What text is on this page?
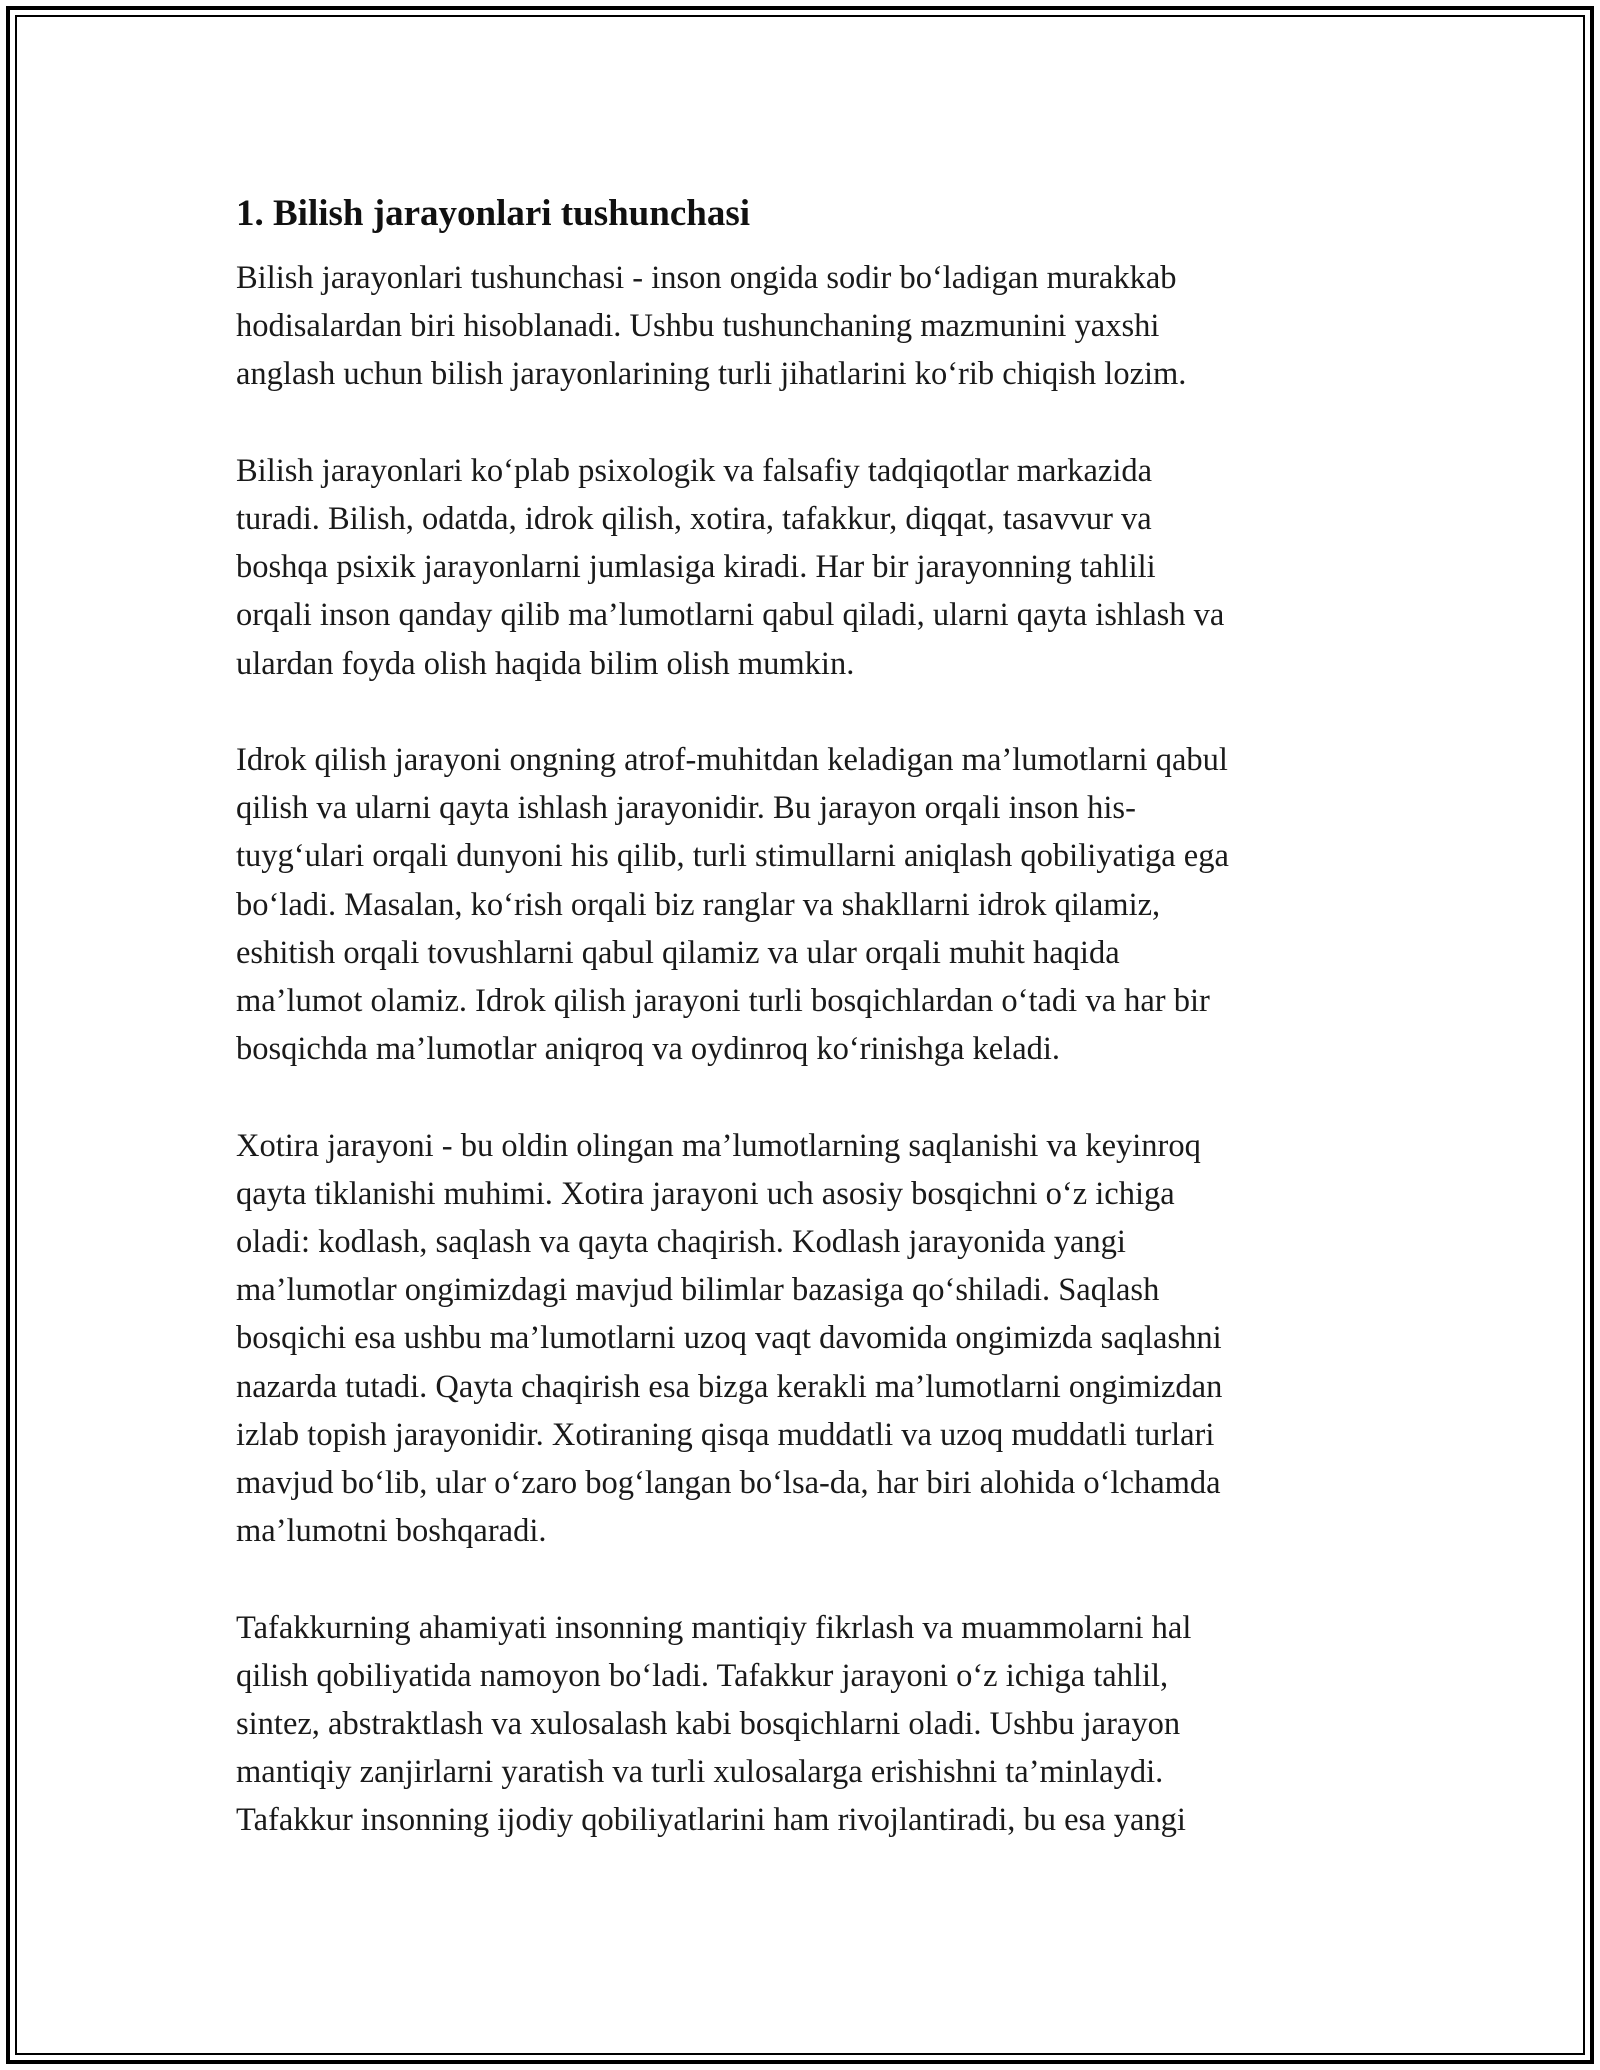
1. Bilish jarayonlari tushunchasi

Bilish jarayonlari tushunchasi - inson ongida sodir bo‘ladigan murakkab
hodisalardan biri hisoblanadi. Ushbu tushunchaning mazmunini yaxshi
anglash uchun bilish jarayonlarining turli jihatlarini ko‘rib chiqish lozim.

Bilish jarayonlari ko‘plab psixologik va falsafiy tadqiqotlar markazida
turadi. Bilish, odatda, idrok qilish, xotira, tafakkur, diqqat, tasavvur va
boshqa psixik jarayonlarni jumlasiga kiradi. Har bir jarayonning tahlili
orqali inson qanday qilib ma’lumotlarni qabul qiladi, ularni qayta ishlash va
ulardan foyda olish haqida bilim olish mumkin.

Idrok qilish jarayoni ongning atrof-muhitdan keladigan ma’lumotlarni qabul
qilish va ularni qayta ishlash jarayonidir. Bu jarayon orqali inson his-
tuyg‘ulari orqali dunyoni his qilib, turli stimullarni aniqlash qobiliyatiga ega
bo‘ladi. Masalan, ko‘rish orqali biz ranglar va shakllarni idrok qilamiz,
eshitish orqali tovushlarni qabul qilamiz va ular orqali muhit haqida
ma’lumot olamiz. Idrok qilish jarayoni turli bosqichlardan o‘tadi va har bir
bosqichda ma’lumotlar aniqroq va oydinroq ko‘rinishga keladi.

Xotira jarayoni - bu oldin olingan ma’lumotlarning saqlanishi va keyinroq
qayta tiklanishi muhimi. Xotira jarayoni uch asosiy bosqichni o‘z ichiga
oladi: kodlash, saqlash va qayta chaqirish. Kodlash jarayonida yangi
ma’lumotlar ongimizdagi mavjud bilimlar bazasiga qo‘shiladi. Saqlash
bosqichi esa ushbu ma’lumotlarni uzoq vaqt davomida ongimizda saqlashni
nazarda tutadi. Qayta chaqirish esa bizga kerakli ma’lumotlarni ongimizdan
izlab topish jarayonidir. Xotiraning qisqa muddatli va uzoq muddatli turlari
mavjud bo‘lib, ular o‘zaro bog‘langan bo‘lsa-da, har biri alohida o‘lchamda
ma’lumotni boshqaradi.

Tafakkurning ahamiyati insonning mantiqiy fikrlash va muammolarni hal
qilish qobiliyatida namoyon bo‘ladi. Tafakkur jarayoni o‘z ichiga tahlil,
sintez, abstraktlash va xulosalash kabi bosqichlarni oladi. Ushbu jarayon
mantiqiy zanjirlarni yaratish va turli xulosalarga erishishni ta’minlaydi.
Tafakkur insonning ijodiy qobiliyatlarini ham rivojlantiradi, bu esa yangi
